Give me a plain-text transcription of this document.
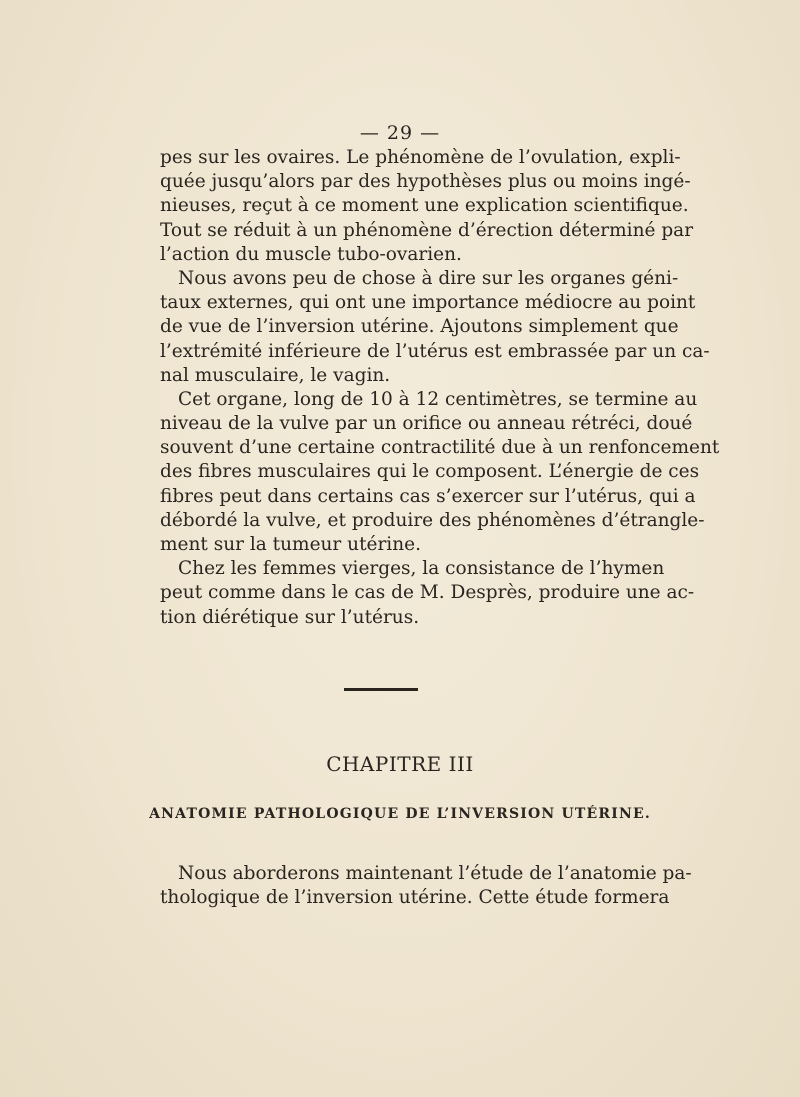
— 29 —
pes sur les ovaires. Le phénomène de l’ovulation, expli-
quée jusqu’alors par des hypothèses plus ou moins ingé-
nieuses, reçut à ce moment une explication scientifique.
Tout se réduit à un phénomène d’érection déterminé par
l’action du muscle tubo-ovarien.
Nous avons peu de chose à dire sur les organes géni-
taux externes, qui ont une importance médiocre au point
de vue de l’inversion utérine. Ajoutons simplement que
l’extrémité inférieure de l’utérus est embrassée par un ca-
nal musculaire, le vagin.
Cet organe, long de 10 à 12 centimètres, se termine au
niveau de la vulve par un orifice ou anneau rétréci, doué
souvent d’une certaine contractilité due à un renfoncement
des fibres musculaires qui le composent. L’énergie de ces
fibres peut dans certains cas s’exercer sur l’utérus, qui a
débordé la vulve, et produire des phénomènes d’étrangle-
ment sur la tumeur utérine.
Chez les femmes vierges, la consistance de l’hymen
peut comme dans le cas de M. Desprès, produire une ac-
tion diérétique sur l’utérus.
CHAPITRE III
ANATOMIE PATHOLOGIQUE DE L’INVERSION UTÉRINE.
Nous aborderons maintenant l’étude de l’anatomie pa-
thologique de l’inversion utérine. Cette étude formera
